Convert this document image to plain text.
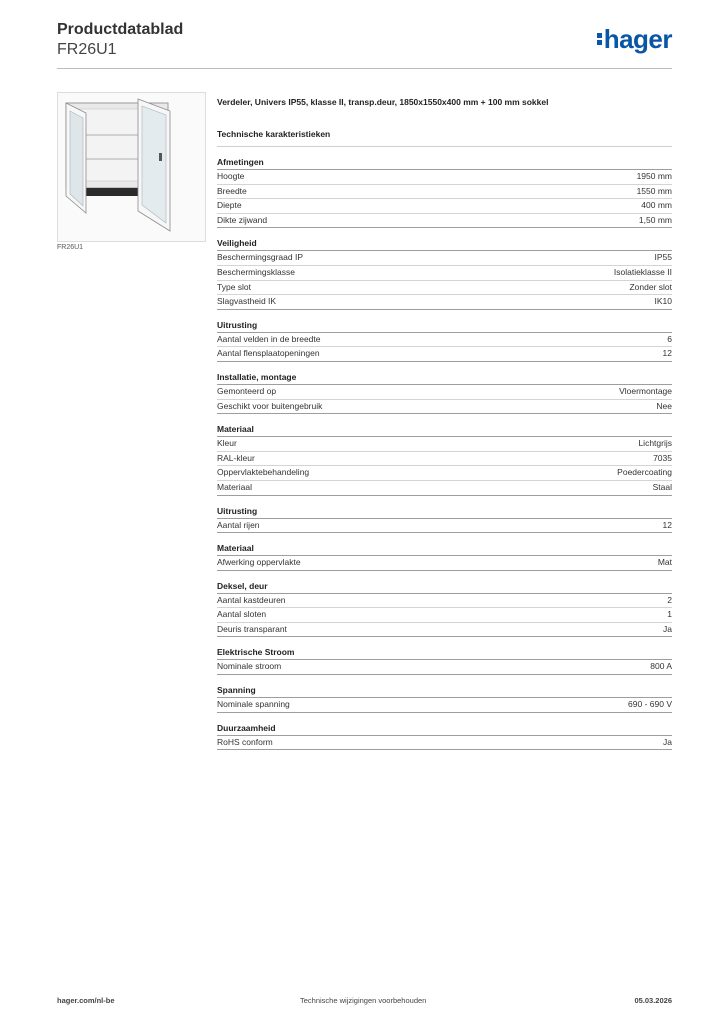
Productdatablad
FR26U1	hager
FR26U1
Verdeler, Univers IP55, klasse II, transp.deur, 1850x1550x400 mm + 100 mm sokkel
Technische karakteristieken
Afmetingen
Hoogte	1950 mm
Breedte	1550 mm
Diepte	400 mm
Dikte zijwand	1,50 mm
Veiligheid
Beschermingsgraad IP	IP55
Beschermingsklasse	Isolatieklasse II
Type slot	Zonder slot
Slagvastheid IK	IK10
Uitrusting
Aantal velden in de breedte	6
Aantal flensplaatopeningen	12
Installatie, montage
Gemonteerd op	Vloermontage
Geschikt voor buitengebruik	Nee
Materiaal
Kleur	Lichtgrijs
RAL-kleur	7035
Oppervlaktebehandeling	Poedercoating
Materiaal	Staal
Uitrusting
Aantal rijen	12
Materiaal
Afwerking oppervlakte	Mat
Deksel, deur
Aantal kastdeuren	2
Aantal sloten	1
Deuris transparant	Ja
Elektrische Stroom
Nominale stroom	800 A
Spanning
Nominale spanning	690 - 690 V
Duurzaamheid
RoHS conform	Ja
hager.com/nl-be	Technische wijzigingen voorbehouden	05.03.2026
